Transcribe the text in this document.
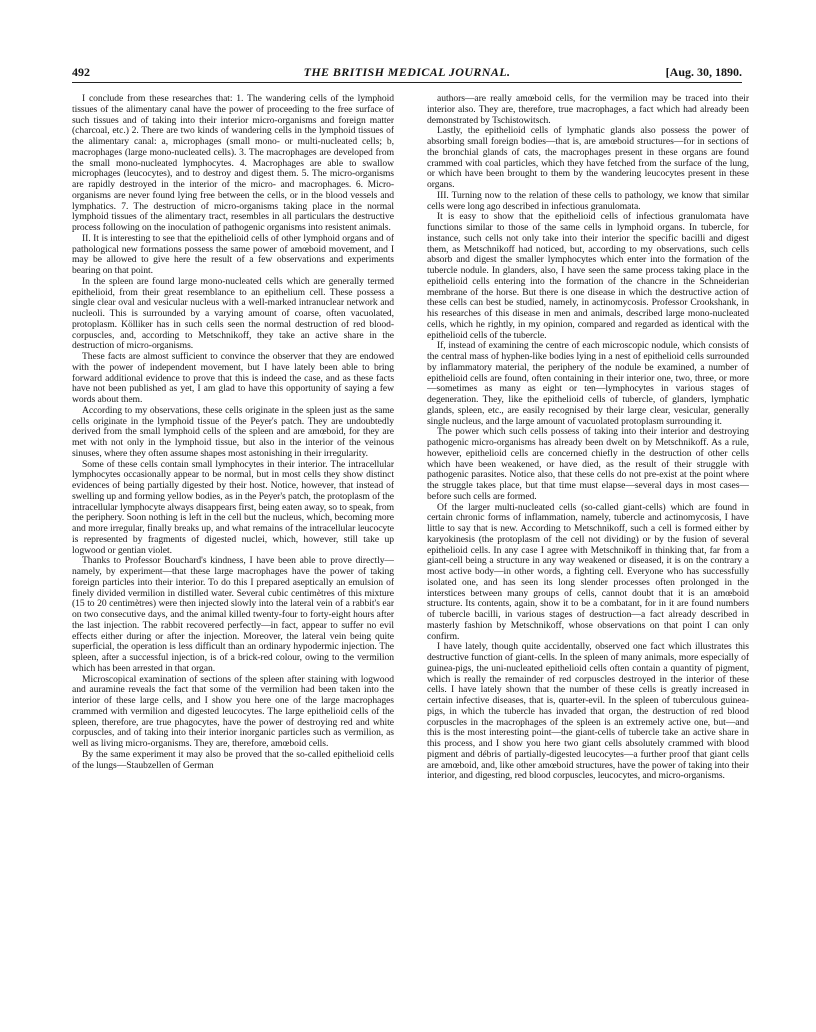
492	THE BRITISH MEDICAL JOURNAL.	[Aug. 30, 1890.

I conclude from these researches that: 1. The wandering cells of the lymphoid tissues of the alimentary canal have the power of proceeding to the free surface of such tissues and of taking into their interior micro-organisms and foreign matter (charcoal, etc.) 2. There are two kinds of wandering cells in the lymphoid tissues of the alimentary canal: a, microphages (small mono- or multi-nucleated cells; b, macrophages (large mono-nucleated cells). 3. The macrophages are developed from the small mono-nucleated lymphocytes. 4. Macrophages are able to swallow microphages (leucocytes), and to destroy and digest them. 5. The micro-organisms are rapidly destroyed in the interior of the micro- and macrophages. 6. Micro-organisms are never found lying free between the cells, or in the blood vessels and lymphatics. 7. The destruction of micro-organisms taking place in the normal lymphoid tissues of the alimentary tract, resembles in all particulars the destructive process following on the inoculation of pathogenic organisms into resistent animals.

II. It is interesting to see that the epithelioid cells of other lymphoid organs and of pathological new formations possess the same power of amœboid movement, and I may be allowed to give here the result of a few observations and experiments bearing on that point.

In the spleen are found large mono-nucleated cells which are generally termed epithelioid, from their great resemblance to an epithelium cell. These possess a single clear oval and vesicular nucleus with a well-marked intranuclear network and nucleoli. This is surrounded by a varying amount of coarse, often vacuolated, protoplasm. Kölliker has in such cells seen the normal destruction of red blood-corpuscles, and, according to Metschnikoff, they take an active share in the destruction of micro-organisms.

These facts are almost sufficient to convince the observer that they are endowed with the power of independent movement, but I have lately been able to bring forward additional evidence to prove that this is indeed the case, and as these facts have not been published as yet, I am glad to have this opportunity of saying a few words about them.

According to my observations, these cells originate in the spleen just as the same cells originate in the lymphoid tissue of the Peyer's patch. They are undoubtedly derived from the small lymphoid cells of the spleen and are amœboid, for they are met with not only in the lymphoid tissue, but also in the interior of the veinous sinuses, where they often assume shapes most astonishing in their irregularity.

Some of these cells contain small lymphocytes in their interior. The intracellular lymphocytes occasionally appear to be normal, but in most cells they show distinct evidences of being partially digested by their host. Notice, however, that instead of swelling up and forming yellow bodies, as in the Peyer's patch, the protoplasm of the intracellular lymphocyte always disappears first, being eaten away, so to speak, from the periphery. Soon nothing is left in the cell but the nucleus, which, becoming more and more irregular, finally breaks up, and what remains of the intracellular leucocyte is represented by fragments of digested nuclei, which, however, still take up logwood or gentian violet.

Thanks to Professor Bouchard's kindness, I have been able to prove directly—namely, by experiment—that these large macrophages have the power of taking foreign particles into their interior. To do this I prepared aseptically an emulsion of finely divided vermilion in distilled water. Several cubic centimètres of this mixture (15 to 20 centimètres) were then injected slowly into the lateral vein of a rabbit's ear on two consecutive days, and the animal killed twenty-four to forty-eight hours after the last injection. The rabbit recovered perfectly—in fact, appear to suffer no evil effects either during or after the injection. Moreover, the lateral vein being quite superficial, the operation is less difficult than an ordinary hypodermic injection. The spleen, after a successful injection, is of a brick-red colour, owing to the vermilion which has been arrested in that organ.

Microscopical examination of sections of the spleen after staining with logwood and auramine reveals the fact that some of the vermilion had been taken into the interior of these large cells, and I show you here one of the large macrophages crammed with vermilion and digested leucocytes. The large epithelioid cells of the spleen, therefore, are true phagocytes, have the power of destroying red and white corpuscles, and of taking into their interior inorganic particles such as vermilion, as well as living micro-organisms. They are, therefore, amœboid cells.

By the same experiment it may also be proved that the so-called epithelioid cells of the lungs—Staubzellen of German

authors—are really amœboid cells, for the vermilion may be traced into their interior also. They are, therefore, true macrophages, a fact which had already been demonstrated by Tschistowitsch.

Lastly, the epithelioid cells of lymphatic glands also possess the power of absorbing small foreign bodies—that is, are amœboid structures—for in sections of the bronchial glands of cats, the macrophages present in these organs are found crammed with coal particles, which they have fetched from the surface of the lung, or which have been brought to them by the wandering leucocytes present in these organs.

III. Turning now to the relation of these cells to pathology, we know that similar cells were long ago described in infectious granulomata.

It is easy to show that the epithelioid cells of infectious granulomata have functions similar to those of the same cells in lymphoid organs. In tubercle, for instance, such cells not only take into their interior the specific bacilli and digest them, as Metschnikoff had noticed, but, according to my observations, such cells absorb and digest the smaller lymphocytes which enter into the formation of the tubercle nodule. In glanders, also, I have seen the same process taking place in the epithelioid cells entering into the formation of the chancre in the Schneiderian membrane of the horse. But there is one disease in which the destructive action of these cells can best be studied, namely, in actinomycosis. Professor Crookshank, in his researches of this disease in men and animals, described large mono-nucleated cells, which he rightly, in my opinion, compared and regarded as identical with the epithelioid cells of the tubercle.

If, instead of examining the centre of each microscopic nodule, which consists of the central mass of hyphen-like bodies lying in a nest of epithelioid cells surrounded by inflammatory material, the periphery of the nodule be examined, a number of epithelioid cells are found, often containing in their interior one, two, three, or more—sometimes as many as eight or ten—lymphocytes in various stages of degeneration. They, like the epithelioid cells of tubercle, of glanders, lymphatic glands, spleen, etc., are easily recognised by their large clear, vesicular, generally single nucleus, and the large amount of vacuolated protoplasm surrounding it.

The power which such cells possess of taking into their interior and destroying pathogenic micro-organisms has already been dwelt on by Metschnikoff. As a rule, however, epithelioid cells are concerned chiefly in the destruction of other cells which have been weakened, or have died, as the result of their struggle with pathogenic parasites. Notice also, that these cells do not pre-exist at the point where the struggle takes place, but that time must elapse—several days in most cases—before such cells are formed.

Of the larger multi-nucleated cells (so-called giant-cells) which are found in certain chronic forms of inflammation, namely, tubercle and actinomycosis, I have little to say that is new. According to Metschnikoff, such a cell is formed either by karyokinesis (the protoplasm of the cell not dividing) or by the fusion of several epithelioid cells. In any case I agree with Metschnikoff in thinking that, far from a giant-cell being a structure in any way weakened or diseased, it is on the contrary a most active body—in other words, a fighting cell. Everyone who has successfully isolated one, and has seen its long slender processes often prolonged in the interstices between many groups of cells, cannot doubt that it is an amœboid structure. Its contents, again, show it to be a combatant, for in it are found numbers of tubercle bacilli, in various stages of destruction—a fact already described in masterly fashion by Metschnikoff, whose observations on that point I can only confirm.

I have lately, though quite accidentally, observed one fact which illustrates this destructive function of giant-cells. In the spleen of many animals, more especially of guinea-pigs, the uni-nucleated epithelioid cells often contain a quantity of pigment, which is really the remainder of red corpuscles destroyed in the interior of these cells. I have lately shown that the number of these cells is greatly increased in certain infective diseases, that is, quarter-evil. In the spleen of tuberculous guinea-pigs, in which the tubercle has invaded that organ, the destruction of red blood corpuscles in the macrophages of the spleen is an extremely active one, but—and this is the most interesting point—the giant-cells of tubercle take an active share in this process, and I show you here two giant cells absolutely crammed with blood pigment and débris of partially-digested leucocytes—a further proof that giant cells are amœboid, and, like other amœboid structures, have the power of taking into their interior, and digesting, red blood corpuscles, leucocytes, and micro-organisms.
